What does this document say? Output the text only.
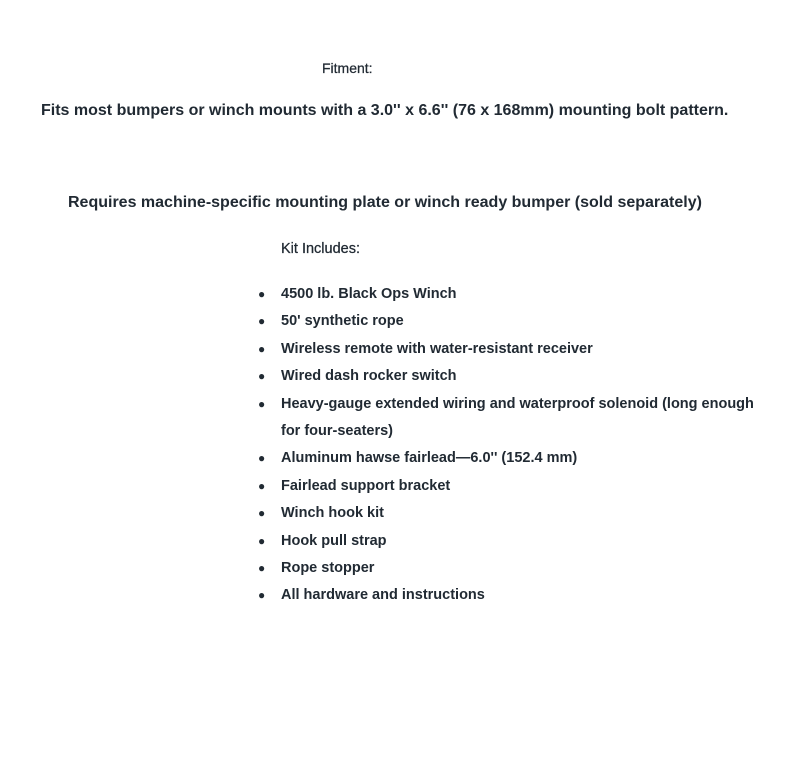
Fitment:
Fits most bumpers or winch mounts with a 3.0'' x 6.6'' (76 x 168mm) mounting bolt pattern.
Requires machine-specific mounting plate or winch ready bumper (sold separately)
Kit Includes:
● 4500 lb. Black Ops Winch
● 50' synthetic rope
● Wireless remote with water-resistant receiver
● Wired dash rocker switch
● Heavy-gauge extended wiring and waterproof solenoid (long enough for four-seaters)
● Aluminum hawse fairlead—6.0'' (152.4 mm)
● Fairlead support bracket
● Winch hook kit
● Hook pull strap
● Rope stopper
● All hardware and instructions
